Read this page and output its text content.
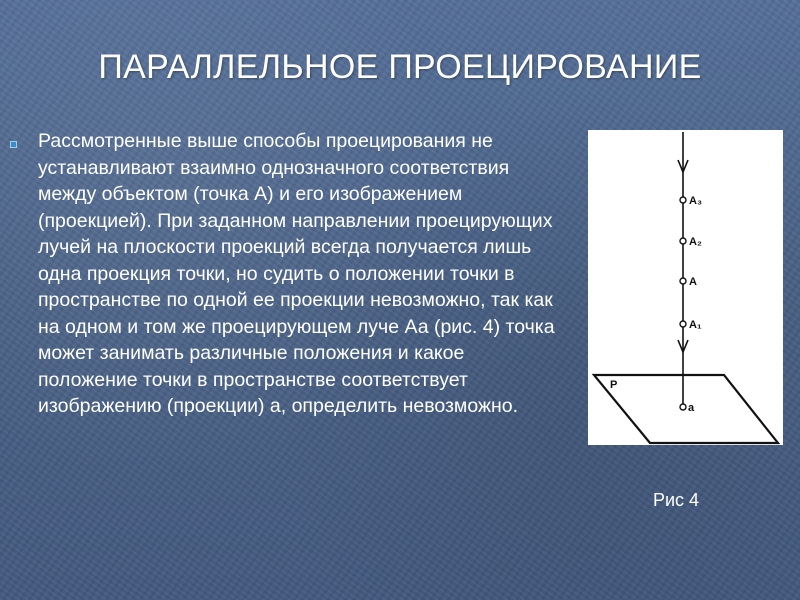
ПАРАЛЛЕЛЬНОЕ ПРОЕЦИРОВАНИЕ
Рассмотренные выше способы проецирования не устанавливают взаимно однозначного соответствия между объектом (точка А) и его изображением (проекцией). При заданном направлении проецирующих лучей на плоскости проекций всегда получается лишь одна проекция точки, но судить о положении точки в пространстве по одной ее проекции невозможно, так как на одном и том же проецирующем луче Аа (рис. 4) точка может занимать различные положения и какое положение точки в пространстве соответствует изображению (проекции) а, определить невозможно.
A₃
A₂
A
A₁
a
P
Рис 4
